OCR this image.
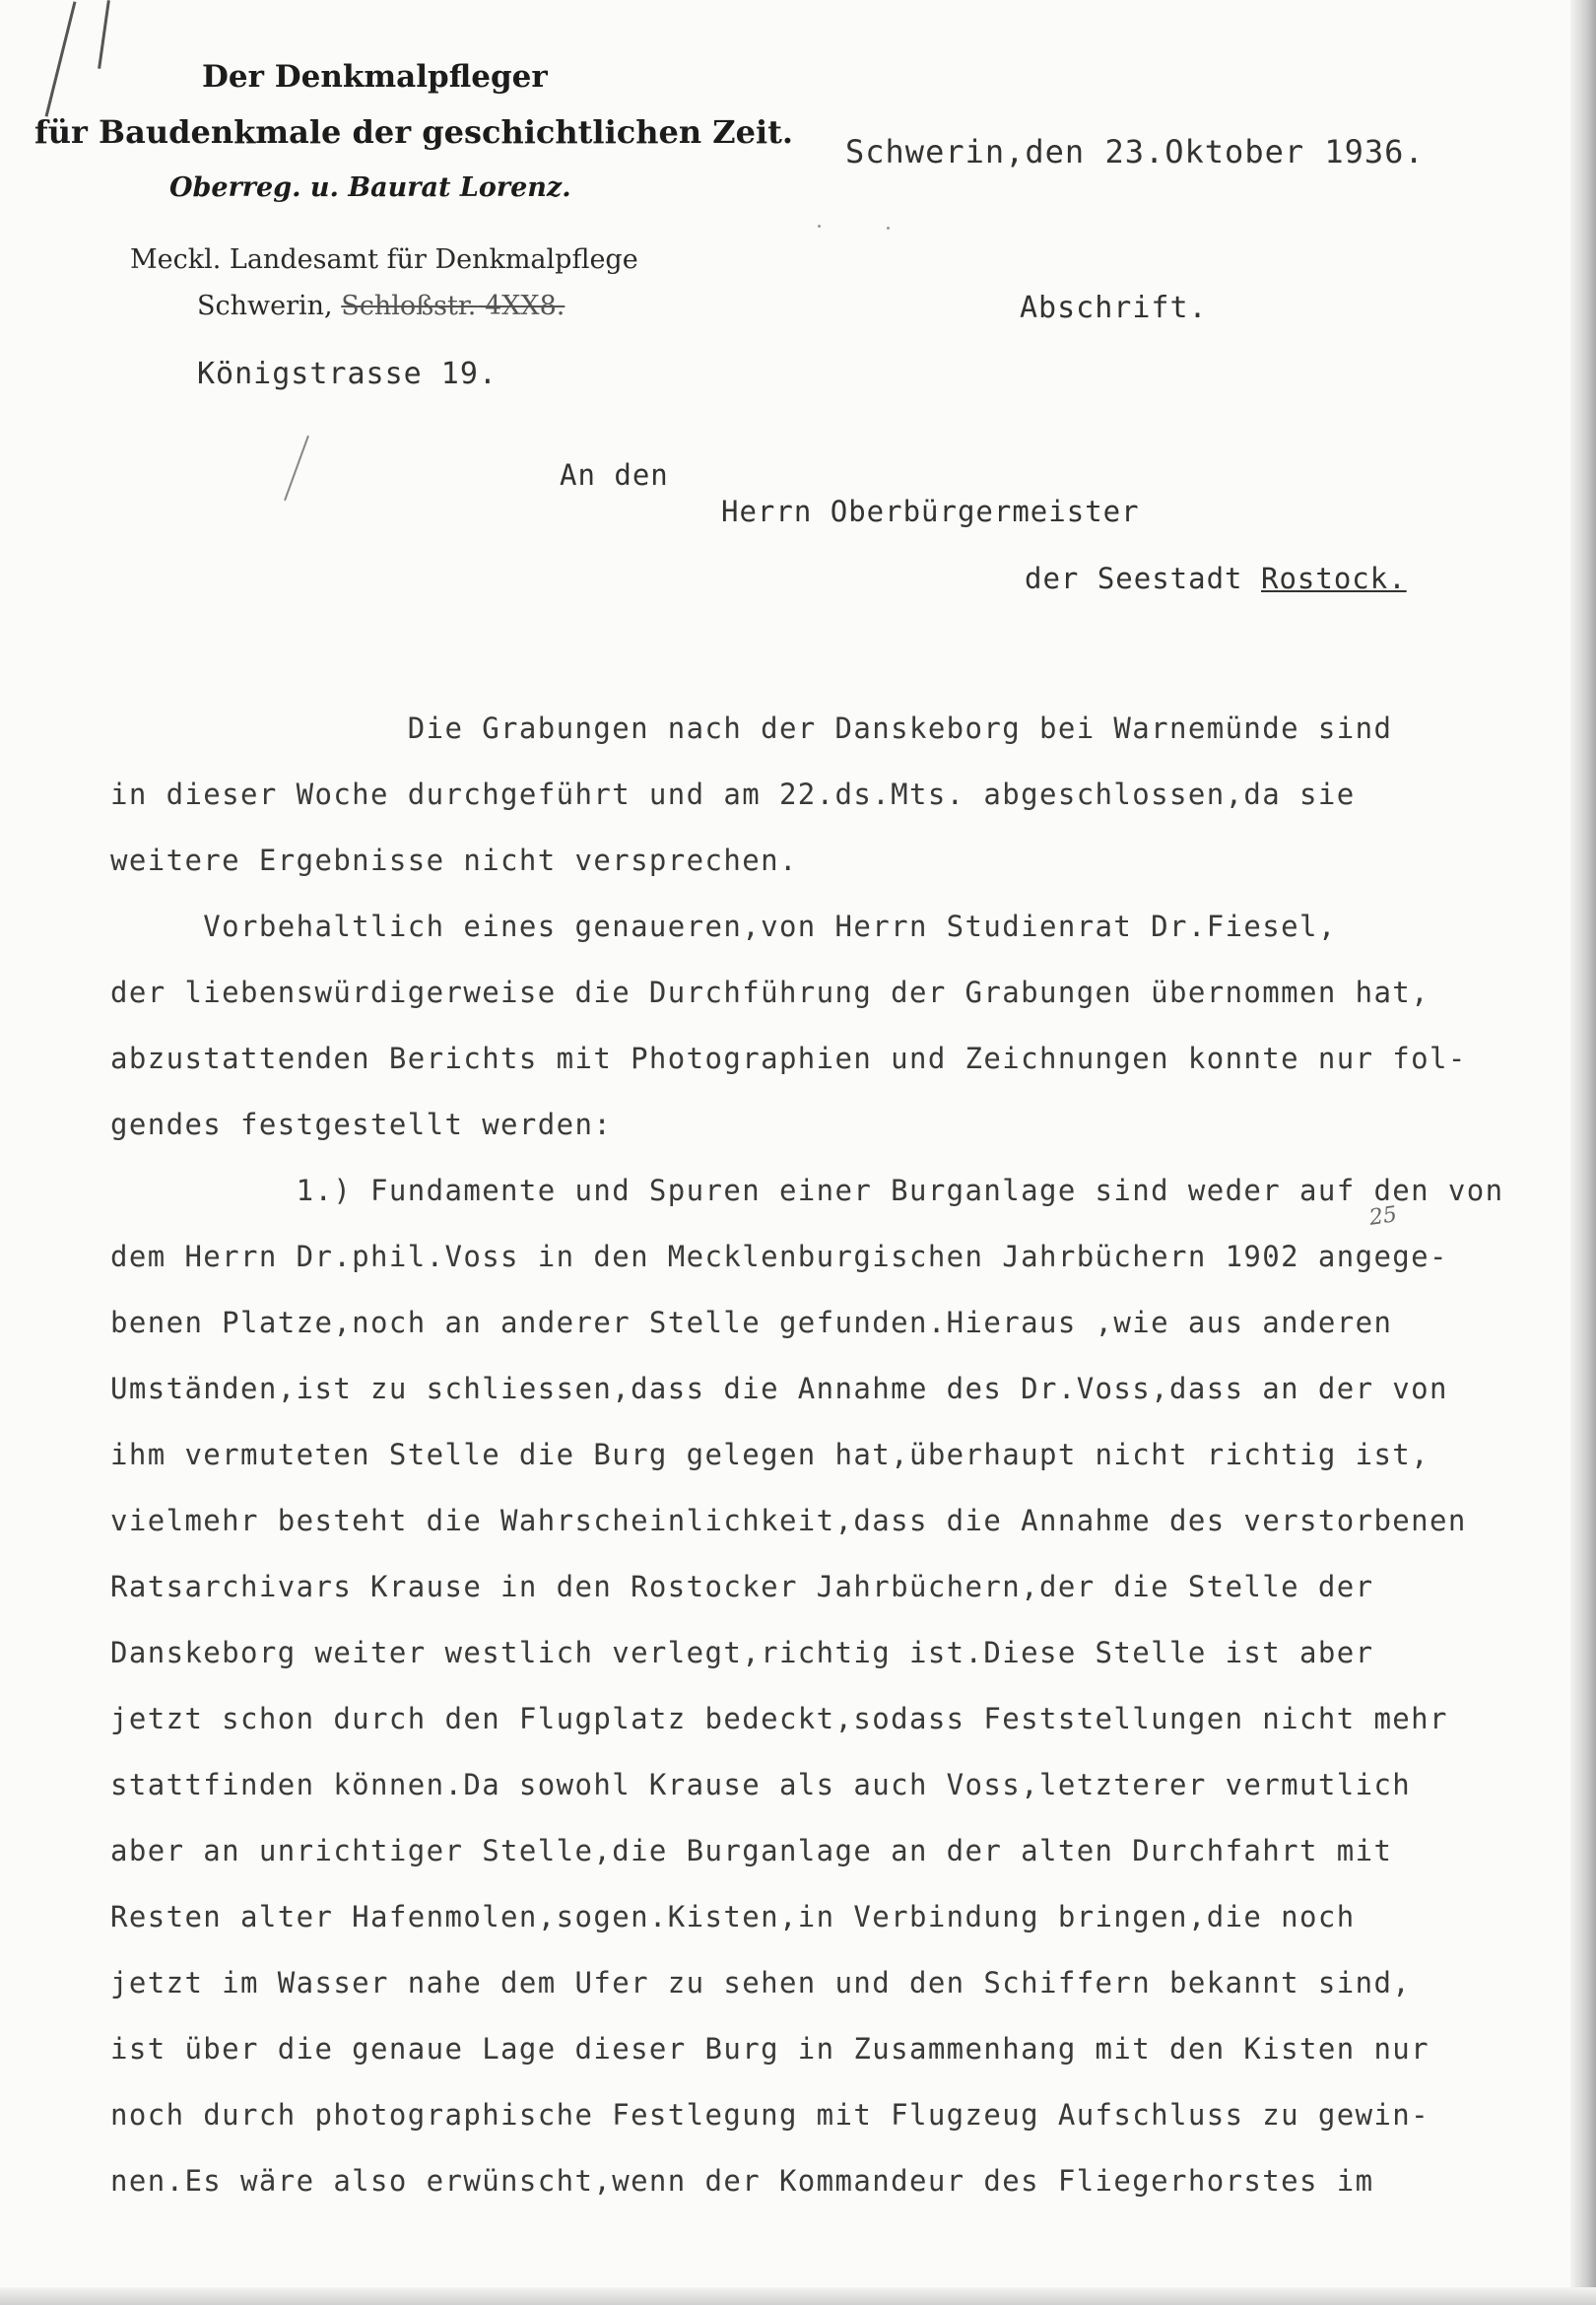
Der Denkmalpfleger
für Baudenkmale der geschichtlichen Zeit.
Oberreg. u. Baurat Lorenz.
Meckl. Landesamt für Denkmalpflege
Schwerin, Schloßstr. 4XX8.
Königstrasse 19.
Schwerin,den 23.Oktober 1936.
Abschrift.
An den
Herrn Oberbürgermeister
der Seestadt Rostock.
25
Die Grabungen nach der Danskeborg bei Warnemünde sind
in dieser Woche durchgeführt und am 22.ds.Mts. abgeschlossen,da sie
weitere Ergebnisse nicht versprechen.
Vorbehaltlich eines genaueren,von Herrn Studienrat Dr.Fiesel,
der liebenswürdigerweise die Durchführung der Grabungen übernommen hat,
abzustattenden Berichts mit Photographien und Zeichnungen konnte nur fol-
gendes festgestellt werden:
1.) Fundamente und Spuren einer Burganlage sind weder auf den von
dem Herrn Dr.phil.Voss in den Mecklenburgischen Jahrbüchern 1902 angege-
benen Platze,noch an anderer Stelle gefunden.Hieraus ,wie aus anderen
Umständen,ist zu schliessen,dass die Annahme des Dr.Voss,dass an der von
ihm vermuteten Stelle die Burg gelegen hat,überhaupt nicht richtig ist,
vielmehr besteht die Wahrscheinlichkeit,dass die Annahme des verstorbenen
Ratsarchivars Krause in den Rostocker Jahrbüchern,der die Stelle der
Danskeborg weiter westlich verlegt,richtig ist.Diese Stelle ist aber
jetzt schon durch den Flugplatz bedeckt,sodass Feststellungen nicht mehr
stattfinden können.Da sowohl Krause als auch Voss,letzterer vermutlich
aber an unrichtiger Stelle,die Burganlage an der alten Durchfahrt mit
Resten alter Hafenmolen,sogen.Kisten,in Verbindung bringen,die noch
jetzt im Wasser nahe dem Ufer zu sehen und den Schiffern bekannt sind,
ist über die genaue Lage dieser Burg in Zusammenhang mit den Kisten nur
noch durch photographische Festlegung mit Flugzeug Aufschluss zu gewin-
nen.Es wäre also erwünscht,wenn der Kommandeur des Fliegerhorstes im
